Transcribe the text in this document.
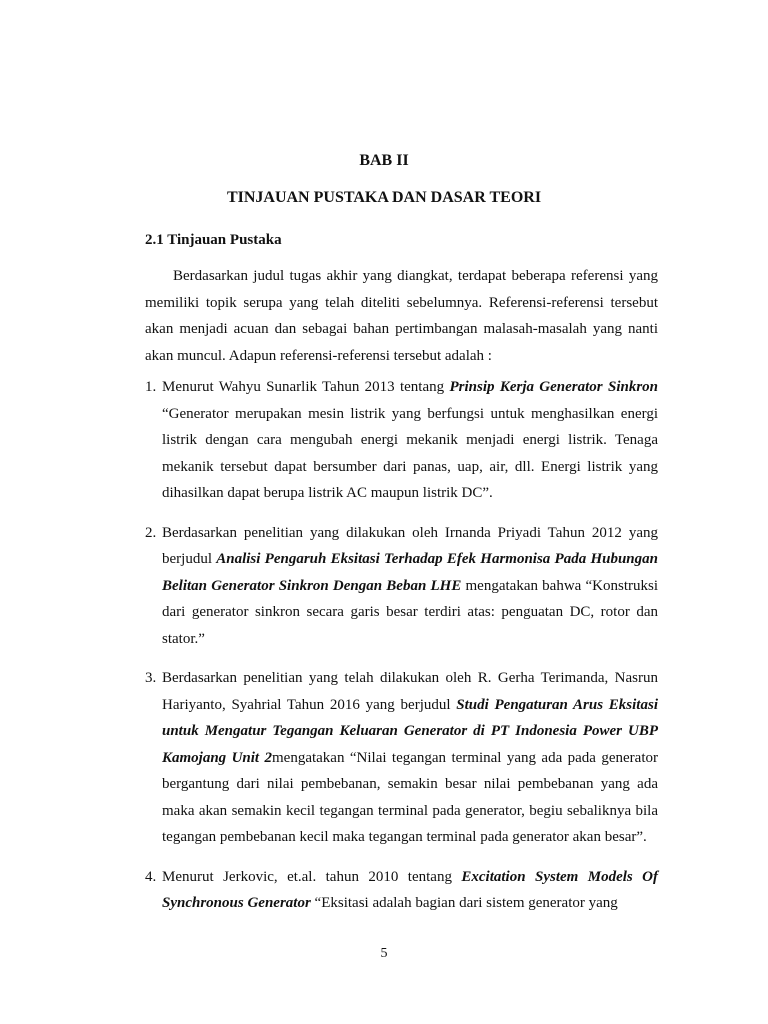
BAB II
TINJAUAN PUSTAKA DAN DASAR TEORI
2.1 Tinjauan Pustaka

Berdasarkan judul tugas akhir yang diangkat, terdapat beberapa referensi yang memiliki topik serupa yang telah diteliti sebelumnya. Referensi-referensi tersebut akan menjadi acuan dan sebagai bahan pertimbangan malasah-masalah yang nanti akan muncul. Adapun referensi-referensi tersebut adalah :

1. Menurut Wahyu Sunarlik Tahun 2013 tentang Prinsip Kerja Generator Sinkron “Generator merupakan mesin listrik yang berfungsi untuk menghasilkan energi listrik dengan cara mengubah energi mekanik menjadi energi listrik. Tenaga mekanik tersebut dapat bersumber dari panas, uap, air, dll. Energi listrik yang dihasilkan dapat berupa listrik AC maupun listrik DC”.
2. Berdasarkan penelitian yang dilakukan oleh Irnanda Priyadi Tahun 2012 yang berjudul Analisi Pengaruh Eksitasi Terhadap Efek Harmonisa Pada Hubungan Belitan Generator Sinkron Dengan Beban LHE mengatakan bahwa “Konstruksi dari generator sinkron secara garis besar terdiri atas: penguatan DC, rotor dan stator.”
3. Berdasarkan penelitian yang telah dilakukan oleh R. Gerha Terimanda, Nasrun Hariyanto, Syahrial Tahun 2016 yang berjudul Studi Pengaturan Arus Eksitasi untuk Mengatur Tegangan Keluaran Generator di PT Indonesia Power UBP Kamojang Unit 2mengatakan “Nilai tegangan terminal yang ada pada generator bergantung dari nilai pembebanan, semakin besar nilai pembebanan yang ada maka akan semakin kecil tegangan terminal pada generator, begiu sebaliknya bila tegangan pembebanan kecil maka tegangan terminal pada generator akan besar”.
4. Menurut Jerkovic, et.al. tahun 2010 tentang Excitation System Models Of Synchronous Generator “Eksitasi adalah bagian dari sistem generator yang
5
